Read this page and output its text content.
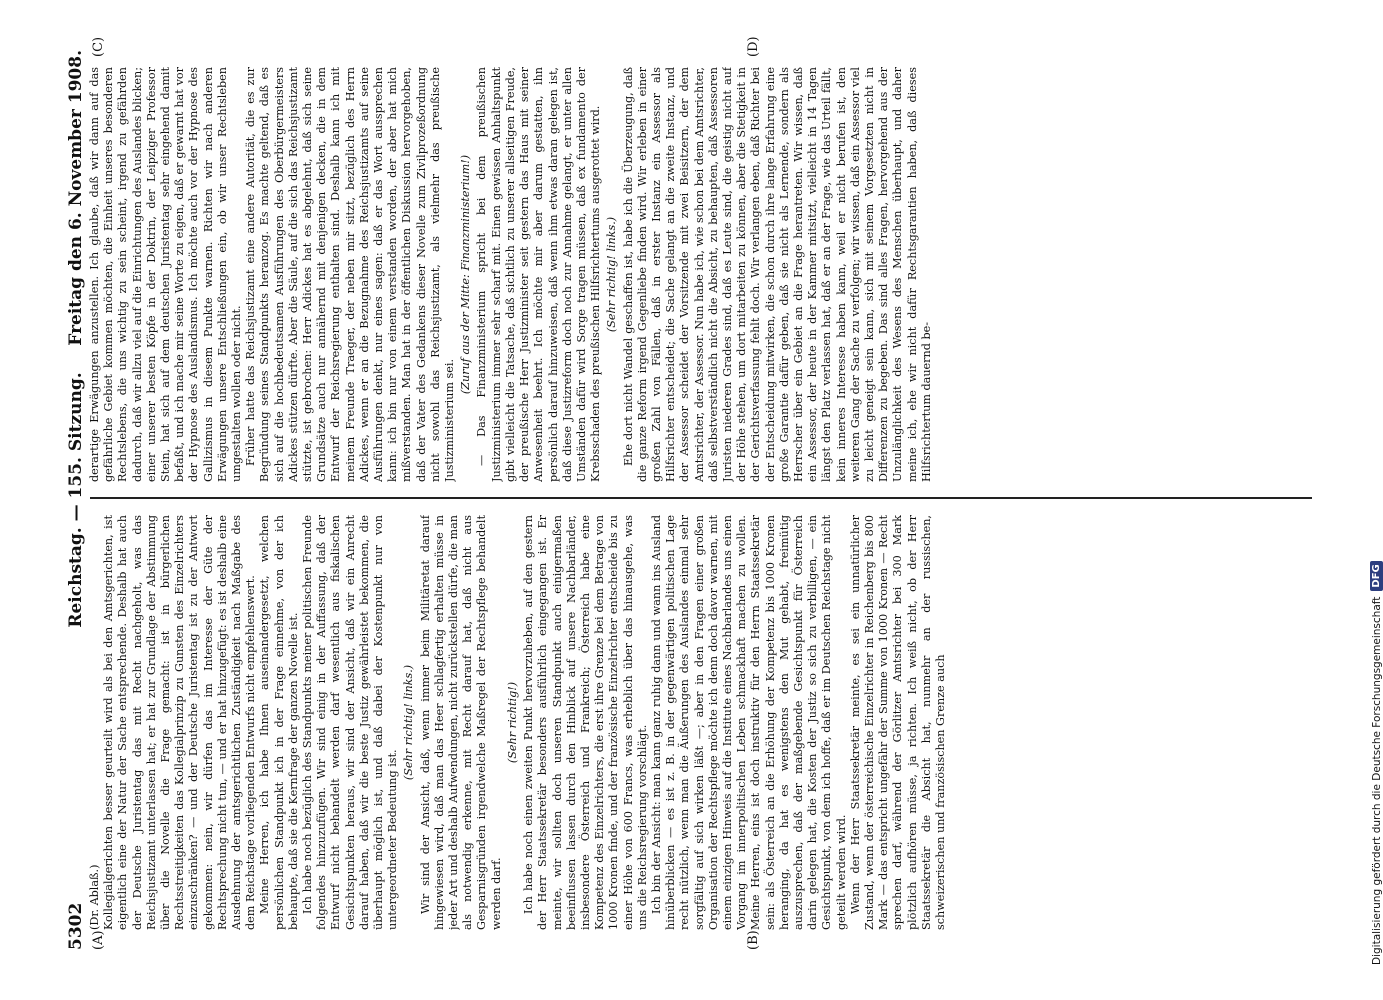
5302
Reichstag. — 155. Sitzung.
Freitag den 6. November 1908.
(A)	(B)
(C)	(D)

(Dr. Ablaß.) Kollegialgerichten besser geurteilt wird als bei den Amtsgerichten, ist eigentlich eine der Natur der Sache entsprechende. Deshalb hat auch der Deutsche Juristentag das mit Recht nachgeholt, was das Reichsjustizamt unterlassen hat; er hat zur Grundlage der Abstimmung über die Novelle die Frage gemacht: ist in bürgerlichen Rechtsstreitigkeiten das Kollegialprinzip zu Gunsten des Einzelrichters einzuschränken? — und der Deutsche Juristentag ist zu der Antwort gekommen: nein, wir dürfen das im Interesse der Güte der Rechtsprechung nicht tun, — und er hat hinzugefügt: es ist deshalb eine Ausdehnung der amtsgerichtlichen Zuständigkeit nach Maßgabe des dem Reichstage vorliegenden Entwurfs nicht empfehlenswert. Meine Herren, ich habe Ihnen auseinandergesetzt, welchen persönlichen Standpunkt ich in der Frage einnehme, von der ich behaupte, daß sie die Kernfrage der ganzen Novelle ist. Ich habe noch bezüglich des Standpunkts meiner politischen Freunde folgendes hinzuzufügen. Wir sind einig in der Auffassung, daß der Entwurf nicht behandelt werden darf wesentlich aus fiskalischen Gesichtspunkten heraus, wir sind der Ansicht, daß wir ein Anrecht darauf haben, daß wir die beste Justiz gewährleistet bekommen, die überhaupt möglich ist, und daß dabei der Kostenpunkt nur von untergeordneter Bedeutung ist.

(Sehr richtig! links.) Wir sind der Ansicht, daß, wenn immer beim Militäretat darauf hingewiesen wird, daß man das Heer schlagfertig erhalten müsse in jeder Art und deshalb Aufwendungen, nicht zurückstellen dürfe, die man als notwendig erkenne, mit Recht darauf hat, daß nicht aus Gesparnisgründen irgendwelche Maßregel der Rechtspflege behandelt werden darf.

(Sehr richtig!) Ich habe noch einen zweiten Punkt hervorzuheben, auf den gestern der Herr Staatssekretär besonders ausführlich eingegangen ist. Er meinte, wir sollten doch unseren Standpunkt auch einigermaßen beeinflussen lassen durch den Hinblick auf unsere Nachbarländer, insbesondere Österreich und Frankreich; Österreich habe eine Kompetenz des Einzelrichters, die erst ihre Grenze bei dem Betrage von 1000 Kronen finde, und der französische Einzelrichter entscheide bis zu einer Höhe von 600 Francs, was erheblich über das hinausgehe, was uns die Reichsregierung vorschlägt. Ich bin der Ansicht: man kann ganz ruhig dann und wann ins Ausland hinüberblicken — es ist z. B. in der gegenwärtigen politischen Lage recht nützlich, wenn man die Äußerungen des Auslandes einmal sehr sorgfältig auf sich wirken läßt —; aber in den Fragen einer großen Organisation der Rechtspflege möchte ich denn doch davor warnen, mit einem einzigen Hinweis auf die Institute eines Nachbarlandes uns einen Vorgang im innerpolitischen Leben schmackhaft machen zu wollen. Meine Herren, eins ist doch instruktiv für den Herrn Staatssekretär sein: als Österreich an die Erhöhung der Kompetenz bis 1000 Kronen heranging, da hat es wenigstens den Mut gehabt, freimütig auszusprechen, daß der maßgebende Gesichtspunkt für Österreich darin gelegen hat, die Kosten der Justiz so sich zu verbilligen, — ein Gesichtspunkt, von dem ich hoffe, daß er im Deutschen Reichstage nicht geteilt werden wird. Wenn der Herr Staatssekretär meinte, es sei ein unnatürlicher Zustand, wenn der österreichische Einzelrichter in Reichenberg bis 800 Mark — das entspricht ungefähr der Summe von 1000 Kronen — Recht sprechen darf, während der Görlitzer Amtsrichter bei 300 Mark plötzlich aufhören müsse, ja richten. Ich weiß nicht, ob der Herr Staatssekretär die Absicht hat, nunmehr an der russischen, schweizerischen und französischen Grenze auch

derartige Erwägungen anzustellen. Ich glaube, daß wir dann auf das gefährliche Gebiet kommen möchten, die Einheit unseres besonderen Rechtslebens, die uns wichtig zu sein scheint, irgend zu gefährden dadurch, daß wir allzu viel auf die Einrichtungen des Auslandes blicken; einer unserer besten Köpfe in der Doktrin, der Leipziger Professor Stein, hat sich auf dem deutschen Juristentag sehr eingehend damit befaßt, und ich mache mir seine Worte zu eigen, daß er gewarnt hat vor der Hypnose des Auslandismus. Ich möchte auch vor der Hypnose des Gallizismus in diesem Punkte warnen. Richten wir nach anderen Erwägungen unsere Entschließungen ein, ob wir unser Rechtsleben umgestalten wollen oder nicht. Früher hatte das Reichsjustizamt eine andere Autorität, die es zur Begründung seines Standpunkts heranzog. Es machte geltend, daß es sich auf die hochbedeutsamen Ausführungen des Oberbürgermeisters Adickes stützen dürfte. Aber die Säule, auf die sich das Reichsjustizamt stützte, ist gebrochen: Herr Adickes hat es abgelehnt, daß sich seine Grundsätze auch nur annähernd mit denjenigen decken, die in dem Entwurf der Reichsregierung enthalten sind. Deshalb kann ich mit meinem Freunde Traeger, der neben mir sitzt, bezüglich des Herrn Adickes, wenn er an die Bezugnahme des Reichsjustizamts auf seine Ausführungen denkt, nur eines sagen: daß er das Wort aussprechen kann: ich bin nur von einem verstanden worden, der aber hat mich mißverstanden. Man hat in der öffentlichen Diskussion hervorgehoben, daß der Vater des Gedankens dieser Novelle zum Zivilprozeßordnung nicht sowohl das Reichsjustizamt, als vielmehr das preußische Justizministerium sei.

(Zuruf aus der Mitte: Finanzministerium!) — Das Finanzministerium spricht bei dem preußischen Justizministerium immer sehr scharf mit. Einen gewissen Anhaltspunkt gibt vielleicht die Tatsache, daß sichtlich zu unserer allseitigen Freude, der preußische Herr Justizminister seit gestern das Haus mit seiner Anwesenheit beehrt. Ich möchte mir aber darum gestatten, ihn persönlich darauf hinzuweisen, daß wenn ihm etwas daran gelegen ist, daß diese Justizreform doch noch zur Annahme gelangt, er unter allen Umständen dafür wird Sorge tragen müssen, daß ex fundamento der Krebsschaden des preußischen Hilfsrichtertums ausgerottet wird. (Sehr richtig! links.) Ehe dort nicht Wandel geschaffen ist, habe ich die Überzeugung, daß die ganze Reform irgend Gegenliebe finden wird. Wir erleben in einer großen Zahl von Fällen, daß in erster Instanz ein Assessor als Hilfsrichter entscheidet; die Sache gelangt an die zweite Instanz, und der Assessor scheidet der Vorsitzende mit zwei Beisitzern, der dem Amtsrichter, der Assessor. Nun habe ich, wie schon bei dem Amtsrichter, daß selbstverständlich nicht die Absicht, zu behaupten, daß Assessoren Juristen niederen Grades sind, daß es Leute sind, die geistig nicht auf der Höhe stehen, um dort mitarbeiten zu können, aber die Stetigkeit in der Gerichtsverfassung fehlt doch. Wir verlangen eben, daß Richter bei der Entscheidung mitwirken, die schon durch ihre lange Erfahrung eine große Garantie dafür geben, daß sie nicht als Lernende, sondern als Herrscher über ein Gebiet an die Frage herantreten. Wir wissen, daß ein Assessor, der heute in der Kammer mitsitzt, vielleicht in 14 Tagen längst den Platz verlassen hat, daß er an der Frage, wie das Urteil fällt, kein inneres Interesse haben kann, weil er nicht berufen ist, den weiteren Gang der Sache zu verfolgen; wir wissen, daß ein Assessor viel zu leicht geneigt sein kann, sich mit seinem Vorgesetzten nicht in Differenzen zu begeben. Das sind alles Fragen, hervorgehend aus der Unzulänglichkeit des Wesens des Menschen überhaupt, und daher meine ich, ehe wir nicht dafür Rechtsgarantien haben, daß dieses Hilfsrichtertum dauernd be-

Digitalisierung gefördert durch die Deutsche Forschungsgemeinschaft
DFG
